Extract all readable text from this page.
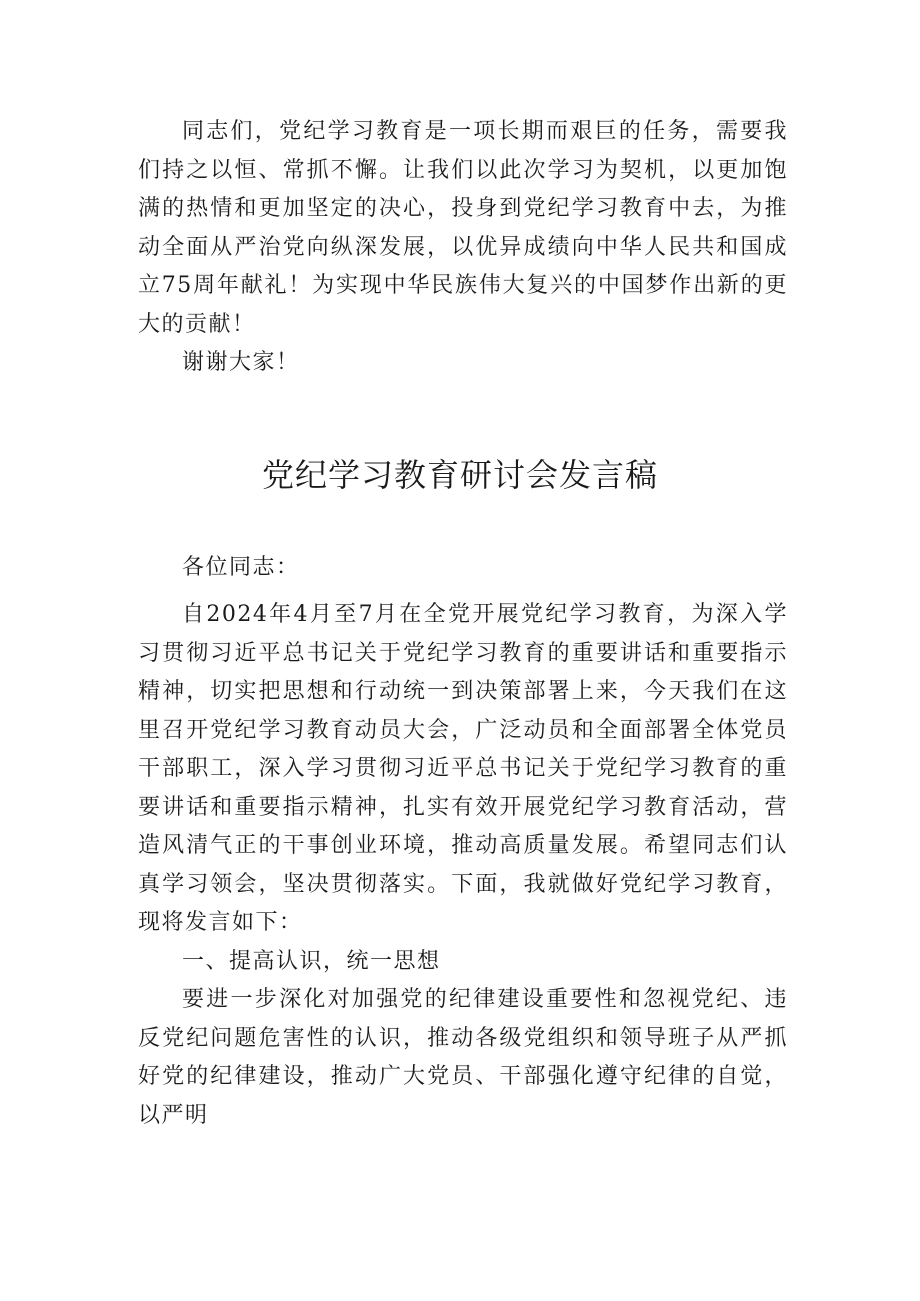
同志们，党纪学习教育是一项长期而艰巨的任务，需要我们持之以恒、常抓不懈。让我们以此次学习为契机，以更加饱满的热情和更加坚定的决心，投身到党纪学习教育中去，为推动全面从严治党向纵深发展，以优异成绩向中华人民共和国成立75周年献礼！为实现中华民族伟大复兴的中国梦作出新的更大的贡献！

谢谢大家！

党纪学习教育研讨会发言稿

各位同志：

自2024年4月至7月在全党开展党纪学习教育，为深入学习贯彻习近平总书记关于党纪学习教育的重要讲话和重要指示精神，切实把思想和行动统一到决策部署上来，今天我们在这里召开党纪学习教育动员大会，广泛动员和全面部署全体党员干部职工，深入学习贯彻习近平总书记关于党纪学习教育的重要讲话和重要指示精神，扎实有效开展党纪学习教育活动，营造风清气正的干事创业环境，推动高质量发展。希望同志们认真学习领会，坚决贯彻落实。下面，我就做好党纪学习教育，现将发言如下：

一、提高认识，统一思想

要进一步深化对加强党的纪律建设重要性和忽视党纪、违反党纪问题危害性的认识，推动各级党组织和领导班子从严抓好党的纪律建设，推动广大党员、干部强化遵守纪律的自觉，以严明
